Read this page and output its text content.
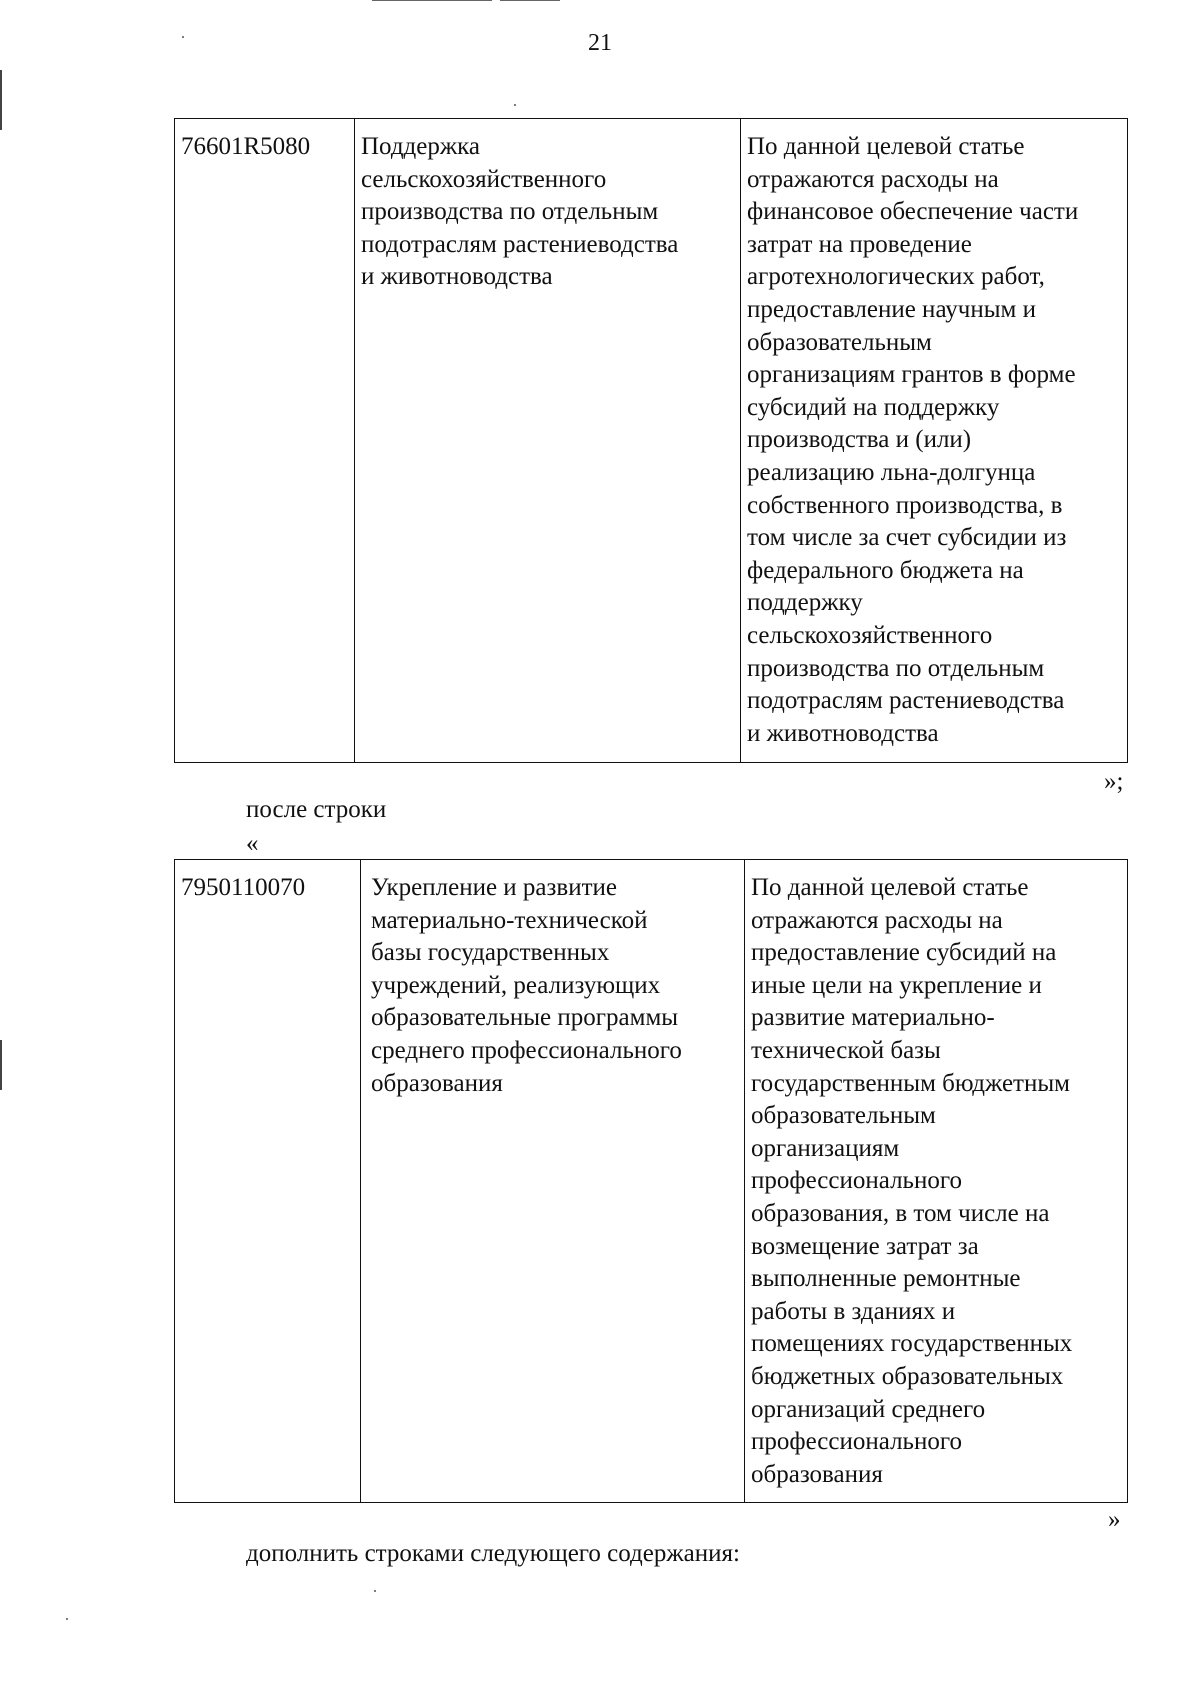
21
76601R5080	Поддержка
сельскохозяйственного
производства по отдельным
подотраслям растениеводства
и животноводства	По данной целевой статье
отражаются расходы на
финансовое обеспечение части
затрат на проведение
агротехнологических работ,
предоставление научным и
образовательным
организациям грантов в форме
субсидий на поддержку
производства и (или)
реализацию льна-долгунца
собственного производства, в
том числе за счет субсидии из
федерального бюджета на
поддержку
сельскохозяйственного
производства по отдельным
подотраслям растениеводства
и животноводства
»;
после строки
«
7950110070	Укрепление и развитие
материально-технической
базы государственных
учреждений, реализующих
образовательные программы
среднего профессионального
образования	По данной целевой статье
отражаются расходы на
предоставление субсидий на
иные цели на укрепление и
развитие материально-
технической базы
государственным бюджетным
образовательным
организациям
профессионального
образования, в том числе на
возмещение затрат за
выполненные ремонтные
работы в зданиях и
помещениях государственных
бюджетных образовательных
организаций среднего
профессионального
образования
»
дополнить строками следующего содержания:
